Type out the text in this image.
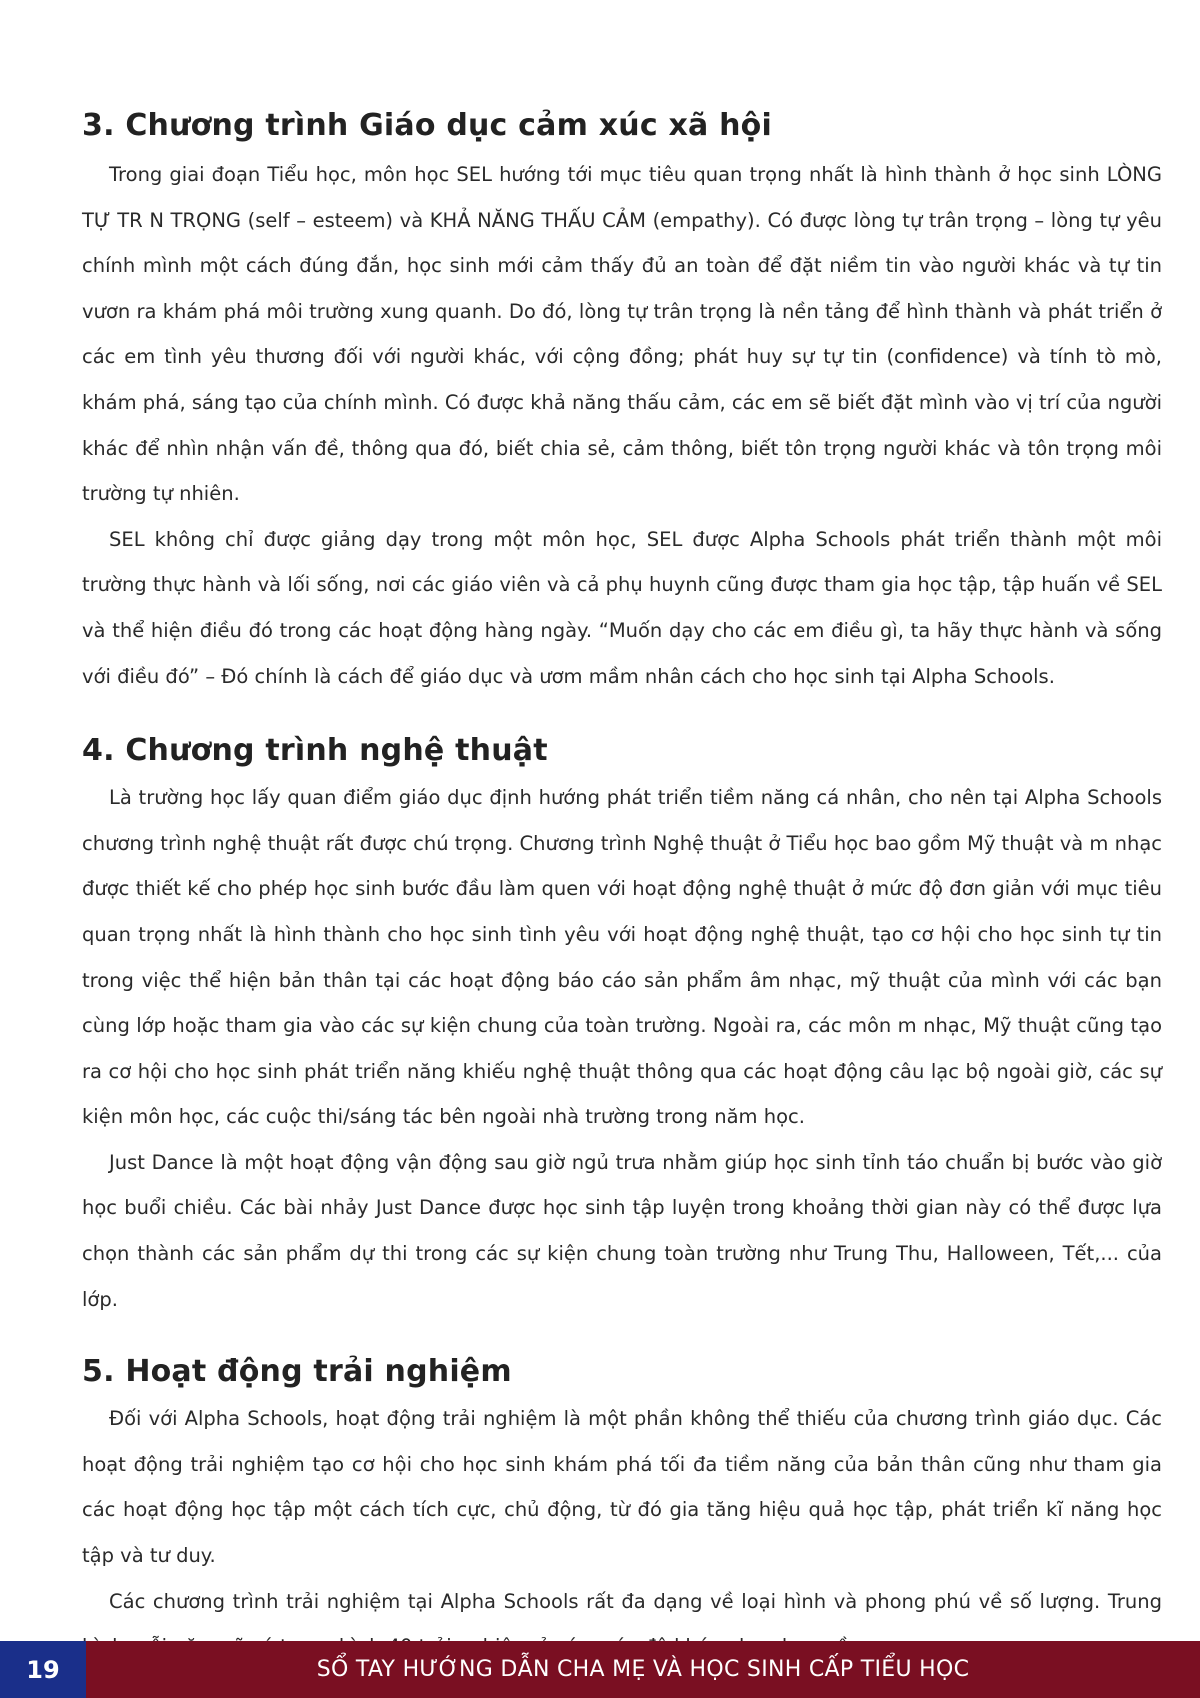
3. Chương trình Giáo dục cảm xúc xã hội

Trong giai đoạn Tiểu học, môn học SEL hướng tới mục tiêu quan trọng nhất là hình thành ở học sinh LÒNG TỰ TR N TRỌNG (self – esteem) và KHẢ NĂNG THẤU CẢM (empathy). Có được lòng tự trân trọng – lòng tự yêu chính mình một cách đúng đắn, học sinh mới cảm thấy đủ an toàn để đặt niềm tin vào người khác và tự tin vươn ra khám phá môi trường xung quanh. Do đó, lòng tự trân trọng là nền tảng để hình thành và phát triển ở các em tình yêu thương đối với người khác, với cộng đồng; phát huy sự tự tin (confidence) và tính tò mò, khám phá, sáng tạo của chính mình. Có được khả năng thấu cảm, các em sẽ biết đặt mình vào vị trí của người khác để nhìn nhận vấn đề, thông qua đó, biết chia sẻ, cảm thông, biết tôn trọng người khác và tôn trọng môi trường tự nhiên.

SEL không chỉ được giảng dạy trong một môn học, SEL được Alpha Schools phát triển thành một môi trường thực hành và lối sống, nơi các giáo viên và cả phụ huynh cũng được tham gia học tập, tập huấn về SEL và thể hiện điều đó trong các hoạt động hàng ngày. “Muốn dạy cho các em điều gì, ta hãy thực hành và sống với điều đó” – Đó chính là cách để giáo dục và ươm mầm nhân cách cho học sinh tại Alpha Schools.

4. Chương trình nghệ thuật

Là trường học lấy quan điểm giáo dục định hướng phát triển tiềm năng cá nhân, cho nên tại Alpha Schools chương trình nghệ thuật rất được chú trọng. Chương trình Nghệ thuật ở Tiểu học bao gồm Mỹ thuật và m nhạc được thiết kế cho phép học sinh bước đầu làm quen với hoạt động nghệ thuật ở mức độ đơn giản với mục tiêu quan trọng nhất là hình thành cho học sinh tình yêu với hoạt động nghệ thuật, tạo cơ hội cho học sinh tự tin trong việc thể hiện bản thân tại các hoạt động báo cáo sản phẩm âm nhạc, mỹ thuật của mình với các bạn cùng lớp hoặc tham gia vào các sự kiện chung của toàn trường. Ngoài ra, các môn m nhạc, Mỹ thuật cũng tạo ra cơ hội cho học sinh phát triển năng khiếu nghệ thuật thông qua các hoạt động câu lạc bộ ngoài giờ, các sự kiện môn học, các cuộc thi/sáng tác bên ngoài nhà trường trong năm học.

Just Dance là một hoạt động vận động sau giờ ngủ trưa nhằm giúp học sinh tỉnh táo chuẩn bị bước vào giờ học buổi chiều. Các bài nhảy Just Dance được học sinh tập luyện trong khoảng thời gian này có thể được lựa chọn thành các sản phẩm dự thi trong các sự kiện chung toàn trường như Trung Thu, Halloween, Tết,... của lớp.

5. Hoạt động trải nghiệm

Đối với Alpha Schools, hoạt động trải nghiệm là một phần không thể thiếu của chương trình giáo dục. Các hoạt động trải nghiệm tạo cơ hội cho học sinh khám phá tối đa tiềm năng của bản thân cũng như tham gia các hoạt động học tập một cách tích cực, chủ động, từ đó gia tăng hiệu quả học tập, phát triển kĩ năng học tập và tư duy.

Các chương trình trải nghiệm tại Alpha Schools rất đa dạng về loại hình và phong phú về số lượng. Trung

19	SỔ TAY HƯỚNG DẪN CHA MẸ VÀ HỌC SINH CẤP TIỂU HỌC
